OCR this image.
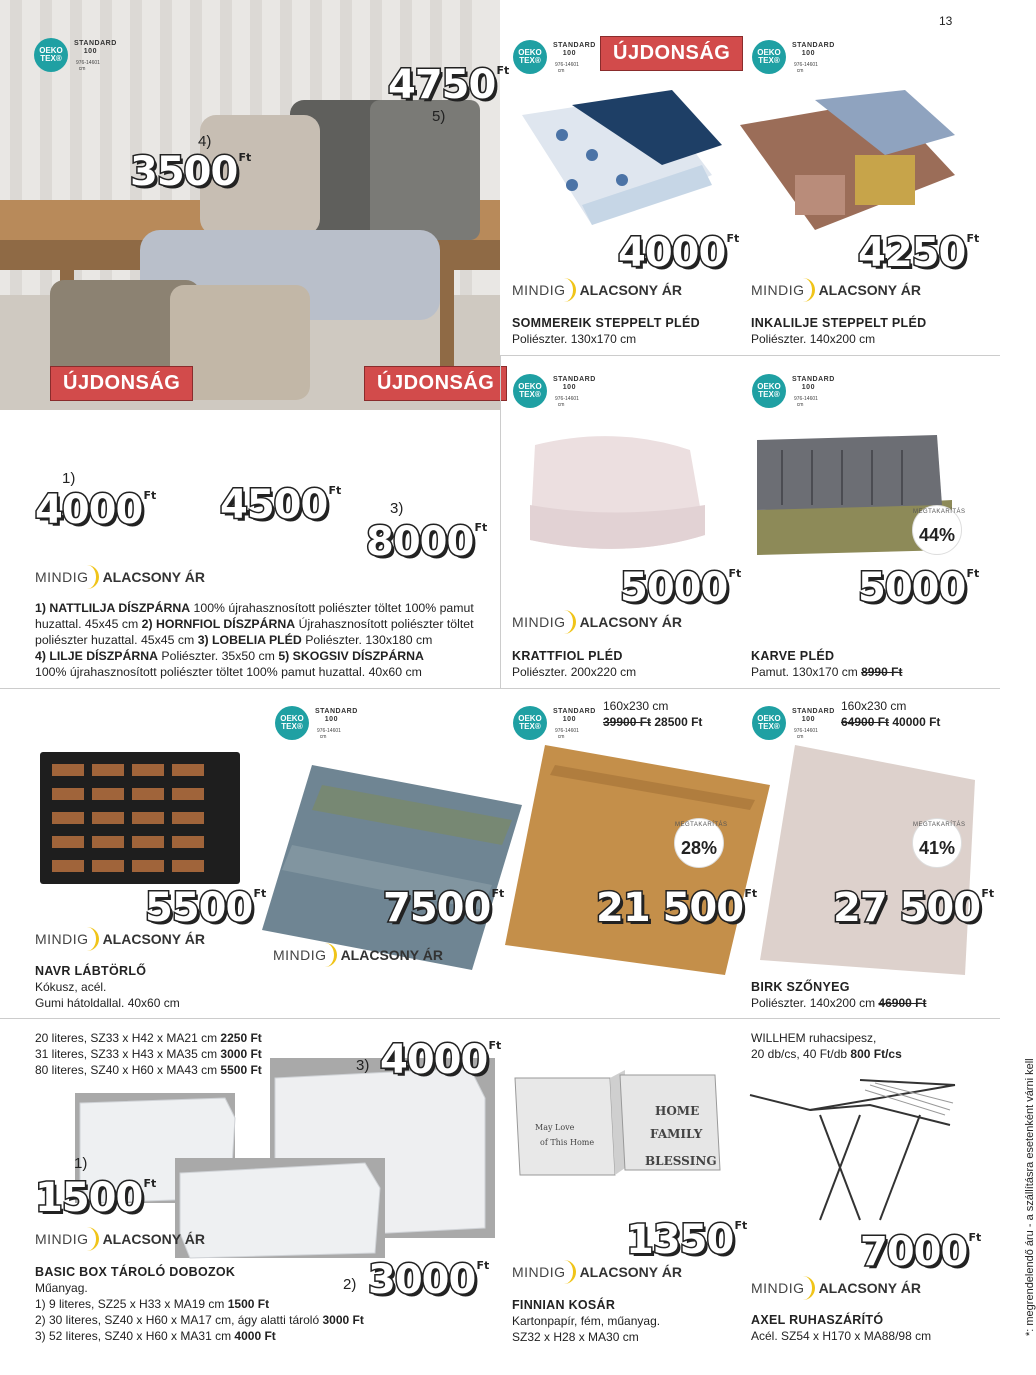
OEKO
TEX®
STANDARD
100
976-14601
cm
4)
3500 Ft
5)
4750 Ft
ÚJDONSÁG	ÚJDONSÁG
13
OEKO
TEX®
STANDARD
100
976-14601
cm
ÚJDONSÁG	OEKO
TEX®
STANDARD
100
976-14601
cm
4000 Ft	4250 Ft
MINDIG ALACSONY ÁR	MINDIG ALACSONY ÁR
SOMMEREIK STEPPELT PLÉD
Poliészter. 130x170 cm
INKALILJE STEPPELT PLÉD
Poliészter. 140x200 cm
1)
4000 Ft 4500 Ft
3)
8000 Ft
MINDIG ALACSONY ÁR
1) NATTLILJA DÍSZPÁRNA 100% újrahasznosított poliészter töltet 100% pamut
huzattal. 45x45 cm 2) HORNFIOL DÍSZPÁRNA Újrahasznosított poliészter töltet
poliészter huzattal. 45x45 cm 3) LOBELIA PLÉD Poliészter. 130x180 cm
4) LILJE DÍSZPÁRNA Poliészter. 35x50 cm 5) SKOGSIV DÍSZPÁRNA
100% újrahasznosított poliészter töltet 100% pamut huzattal. 40x60 cm
OEKO
TEX®
STANDARD
100
976-14601
cm
OEKO
TEX®
STANDARD
100
976-14601
cm
MEGTAKARÍTÁS
44%
5000 Ft	5000 Ft
MINDIG ALACSONY ÁR
KRATTFIOL PLÉD
Poliészter. 200x220 cm
KARVE PLÉD
Pamut. 130x170 cm 8990 Ft
OEKO
TEX®
STANDARD
100
976-14601
cm
OEKO
TEX®
STANDARD
100
976-14601
cm
OEKO
TEX®
STANDARD
100
976-14601
cm
160x230 cm
39900 Ft 28500 Ft
160x230 cm
64900 Ft 40000 Ft
MEGTAKARÍTÁS
28%
MEGTAKARÍTÁS
41%
5500 Ft	7500 Ft 21 500 Ft 27 500 Ft
MINDIG ALACSONY ÁR
MINDIG ALACSONY ÁR
NAVR LÁBTÖRLŐ
Kókusz, acél.
Gumi hátoldallal. 40x60 cm
KUBJELLE SZŐNYEG
Pamut. 65x160 cm
SOLSIKKE SZŐNYEG
Juta. Kézzel szőtt.
140x200 cm 29900 Ft
BIRK SZŐNYEG
Poliészter. 140x200 cm 46900 Ft
20 literes, SZ33 x H42 x MA21 cm 2250 Ft
31 literes, SZ33 x H43 x MA35 cm 3000 Ft
80 literes, SZ40 x H60 x MA43 cm 5500 Ft
1)
1500 Ft
3) 4000 Ft
2) 3000 Ft
MINDIG ALACSONY ÁR
BASIC BOX TÁROLÓ DOBOZOK
Műanyag.
1) 9 literes, SZ25 x H33 x MA19 cm 1500 Ft
2) 30 literes, SZ40 x H60 x MA17 cm, ágy alatti tároló 3000 Ft
3) 52 literes, SZ40 x H60 x MA31 cm 4000 Ft
HOME
FAMILY
BLESSING
May Love
of This Home
1350 Ft
MINDIG ALACSONY ÁR
FINNIAN KOSÁR
Kartonpapír, fém, műanyag.
SZ32 x H28 x MA30 cm
WILLHEM ruhacsipesz,
20 db/cs, 40 Ft/db 800 Ft/cs
7000 Ft
MINDIG ALACSONY ÁR
AXEL RUHASZÁRÍTÓ
Acél. SZ54 x H170 x MA88/98 cm	*: megrendelendő áru - a szállításra esetenként várni kell
